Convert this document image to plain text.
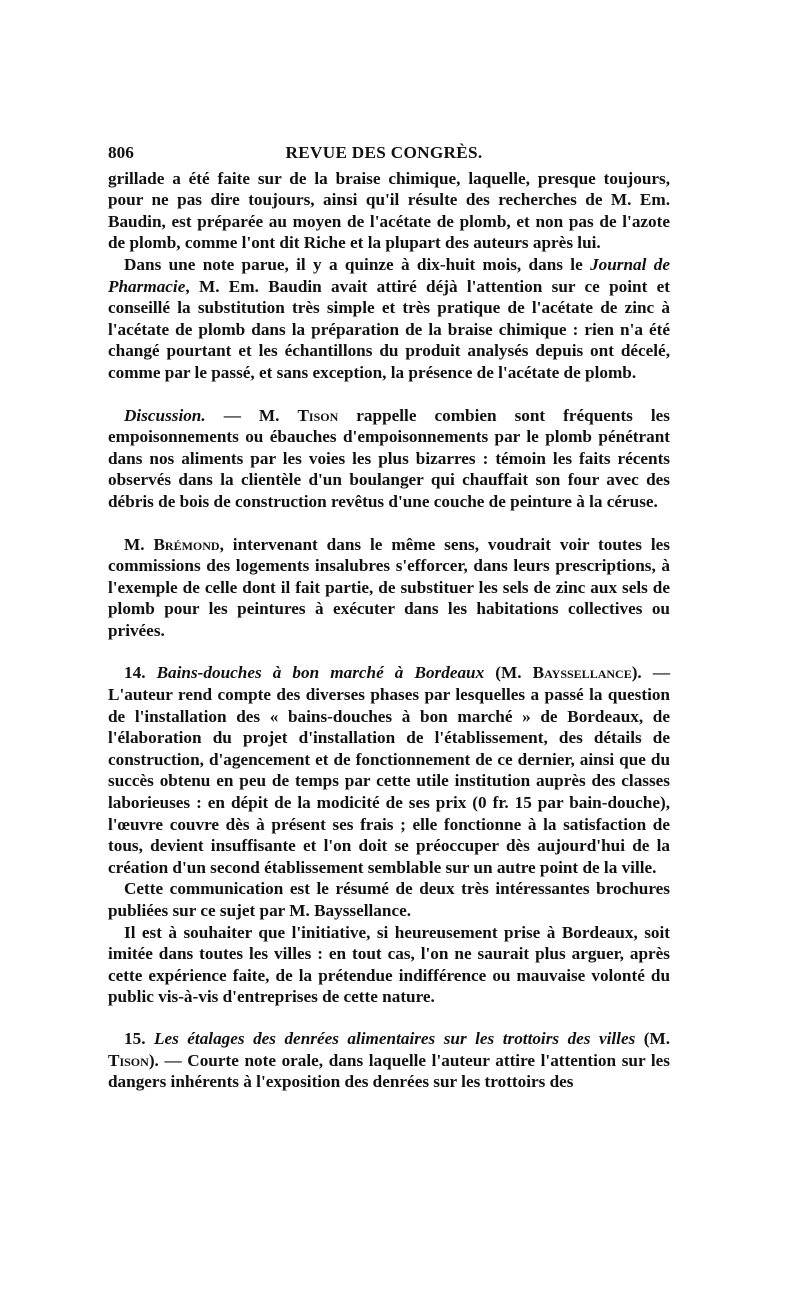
806	REVUE DES CONGRÈS.

grillade a été faite sur de la braise chimique, laquelle, presque toujours, pour ne pas dire toujours, ainsi qu'il résulte des recherches de M. Em. Baudin, est préparée au moyen de l'acétate de plomb, et non pas de l'azote de plomb, comme l'ont dit Riche et la plupart des auteurs après lui.

Dans une note parue, il y a quinze à dix-huit mois, dans le Journal de Pharmacie, M. Em. Baudin avait attiré déjà l'attention sur ce point et conseillé la substitution très simple et très pratique de l'acétate de zinc à l'acétate de plomb dans la préparation de la braise chimique : rien n'a été changé pourtant et les échantillons du produit analysés depuis ont décelé, comme par le passé, et sans exception, la présence de l'acétate de plomb.

Discussion. — M. Tison rappelle combien sont fréquents les empoisonnements ou ébauches d'empoisonnements par le plomb pénétrant dans nos aliments par les voies les plus bizarres : témoin les faits récents observés dans la clientèle d'un boulanger qui chauffait son four avec des débris de bois de construction revêtus d'une couche de peinture à la céruse.

M. Brémond, intervenant dans le même sens, voudrait voir toutes les commissions des logements insalubres s'efforcer, dans leurs prescriptions, à l'exemple de celle dont il fait partie, de substituer les sels de zinc aux sels de plomb pour les peintures à exécuter dans les habitations collectives ou privées.

14. Bains-douches à bon marché à Bordeaux (M. Bayssellance). — L'auteur rend compte des diverses phases par lesquelles a passé la question de l'installation des « bains-douches à bon marché » de Bordeaux, de l'élaboration du projet d'installation de l'établissement, des détails de construction, d'agencement et de fonctionnement de ce dernier, ainsi que du succès obtenu en peu de temps par cette utile institution auprès des classes laborieuses : en dépit de la modicité de ses prix (0 fr. 15 par bain-douche), l'œuvre couvre dès à présent ses frais ; elle fonctionne à la satisfaction de tous, devient insuffisante et l'on doit se préoccuper dès aujourd'hui de la création d'un second établissement semblable sur un autre point de la ville.

Cette communication est le résumé de deux très intéressantes brochures publiées sur ce sujet par M. Bayssellance.

Il est à souhaiter que l'initiative, si heureusement prise à Bordeaux, soit imitée dans toutes les villes : en tout cas, l'on ne saurait plus arguer, après cette expérience faite, de la prétendue indifférence ou mauvaise volonté du public vis-à-vis d'entreprises de cette nature.

15. Les étalages des denrées alimentaires sur les trottoirs des villes (M. Tison). — Courte note orale, dans laquelle l'auteur attire l'attention sur les dangers inhérents à l'exposition des denrées sur les trottoirs des
